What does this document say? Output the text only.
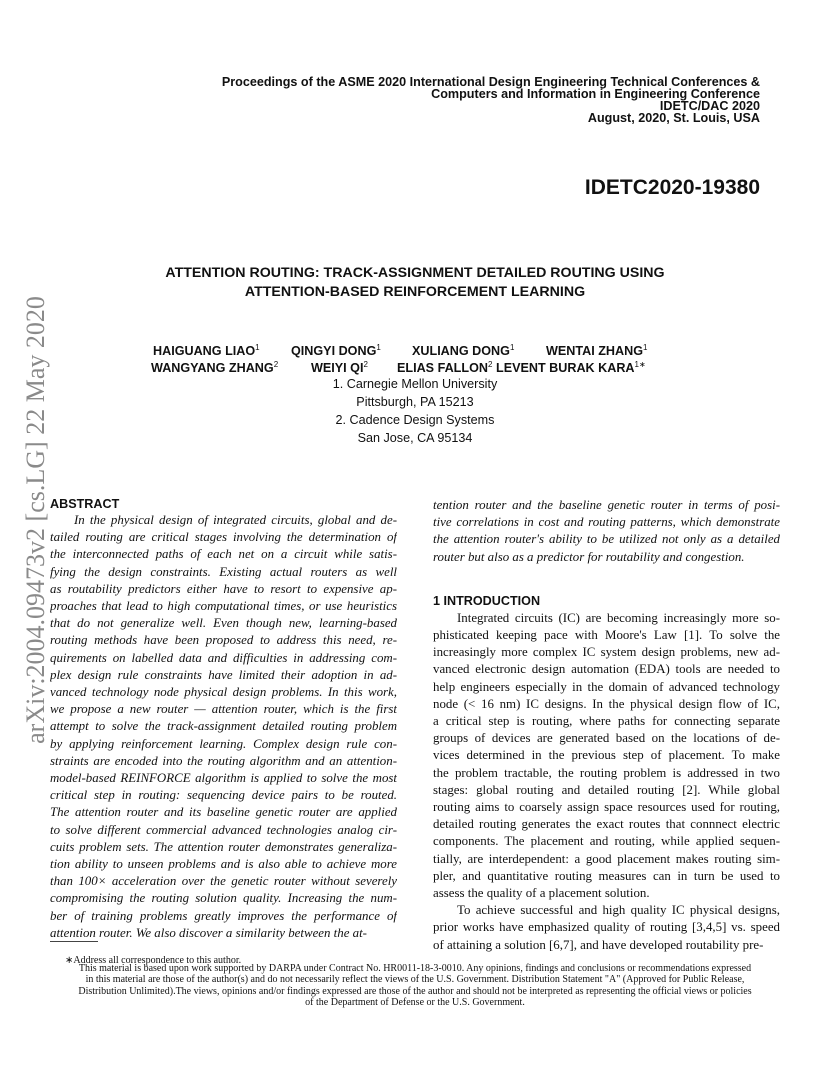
Proceedings of the ASME 2020 International Design Engineering Technical Conferences &
Computers and Information in Engineering Conference
IDETC/DAC 2020
August, 2020, St. Louis, USA
IDETC2020-19380
arXiv:2004.09473v2 [cs.LG] 22 May 2020
ATTENTION ROUTING: TRACK-ASSIGNMENT DETAILED ROUTING USING
ATTENTION-BASED REINFORCEMENT LEARNING
HAIGUANG LIAO$^1$ QINGYI DONG$^1$ XULIANG DONG$^1$	WENTAI ZHANG$^1$
WANGYANG ZHANG$^2$	WEIYI $QI^2$ ELIAS FALLON$^2$ LEVENT BURAK $KARA^{1∗}$
1. Carnegie Mellon University
Pittsburgh, PA 15213
2. Cadence Design Systems
San Jose, CA 95134
ABSTRACT
In the physical design of integrated circuits, global and de-
tailed routing are critical stages involving the determination of
the interconnected paths of each net on a circuit while satis-
fying the design constraints. Existing actual routers as well
as routability predictors either have to resort to expensive ap-
proaches that lead to high computational times, or use heuristics
that do not generalize well. Even though new, learning-based
routing methods have been proposed to address this need, re-
quirements on labelled data and difficulties in addressing com-
plex design rule constraints have limited their adoption in ad-
vanced technology node physical design problems. In this work,
we propose a new router — attention router, which is the first
attempt to solve the track-assignment detailed routing problem
by applying reinforcement learning. Complex design rule con-
straints are encoded into the routing algorithm and an attention-
model-based REINFORCE algorithm is applied to solve the most
critical step in routing: sequencing device pairs to be routed.
The attention router and its baseline genetic router are applied
to solve different commercial advanced technologies analog cir-
cuits problem sets. The attention router demonstrates generaliza-
tion ability to unseen problems and is also able to achieve more
than 100× acceleration over the genetic router without severely
compromising the routing solution quality. Increasing the num-
ber of training problems greatly improves the performance of
attention router. We also discover a similarity between the at-
tention router and the baseline genetic router in terms of posi-
tive correlations in cost and routing patterns, which demonstrate
the attention router's ability to be utilized not only as a detailed
router but also as a predictor for routability and congestion.
1 INTRODUCTION
Integrated circuits (IC) are becoming increasingly more so-
phisticated keeping pace with Moore's Law [1]. To solve the
increasingly more complex IC system design problems, new ad-
vanced electronic design automation (EDA) tools are needed to
help engineers especially in the domain of advanced technology
node (< 16 nm) IC designs. In the physical design flow of IC,
a critical step is routing, where paths for connecting separate
groups of devices are generated based on the locations of de-
vices determined in the previous step of placement. To make
the problem tractable, the routing problem is addressed in two
stages: global routing and detailed routing [2]. While global
routing aims to coarsely assign space resources used for routing,
detailed routing generates the exact routes that connnect electric
components. The placement and routing, while applied sequen-
tially, are interdependent: a good placement makes routing sim-
pler, and quantitative routing measures can in turn be used to
assess the quality of a placement solution.
To achieve successful and high quality IC physical designs,
prior works have emphasized quality of routing [3,4,5] vs. speed
of attaining a solution [6,7], and have developed routability pre-
∗Address all correspondence to this author.
This material is based upon work supported by DARPA under Contract No. HR0011-18-3-0010. Any opinions, findings and conclusions or recommendations expressed
in this material are those of the author(s) and do not necessarily reflect the views of the U.S. Government. Distribution Statement "A" (Approved for Public Release,
Distribution Unlimited).The views, opinions and/or findings expressed are those of the author and should not be interpreted as representing the official views or policies
of the Department of Defense or the U.S. Government.
